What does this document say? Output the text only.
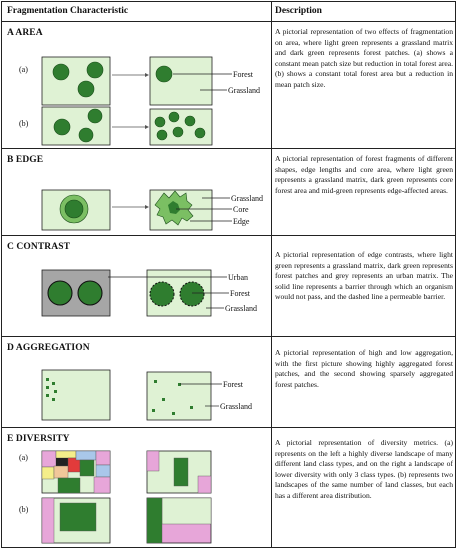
Fragmentation Characteristic	Description
A AREA
B EDGE
C CONTRAST
D AGGREGATION
E DIVERSITY
A pictorial representation of two effects of fragmentation on area, where light green represents a grassland matrix and dark green represents forest patches. (a) shows a constant mean patch size but reduction in total forest area. (b) shows a constant total forest area but a reduction in mean patch size.
A pictorial representation of forest fragments of different shapes, edge lengths and core area, where light green represents a grassland matrix, dark green represents core forest area and mid-green represents edge-affected areas.
A pictorial representation of edge contrasts, where light green represents a grassland matrix, dark green represents forest patches and grey represents an urban matrix. The solid line represents a barrier through which an organism would not pass, and the dashed line a permeable barrier.
A pictorial representation of high and low aggregation, with the first picture showing highly aggregated forest patches, and the second showing sparsely aggregated forest patches.
A pictorial representation of diversity metrics. (a) represents on the left a highly diverse landscape of many different land class types, and on the right a landscape of lower diversity with only 3 class types. (b) represents two landscapes of the same number of land classes, but each has a different area distribution.
(a)
Forest
Grassland
(b)
Grassland
Core
Edge
Urban
Forest
Grassland
Forest
Grassland
(a)
(b)
